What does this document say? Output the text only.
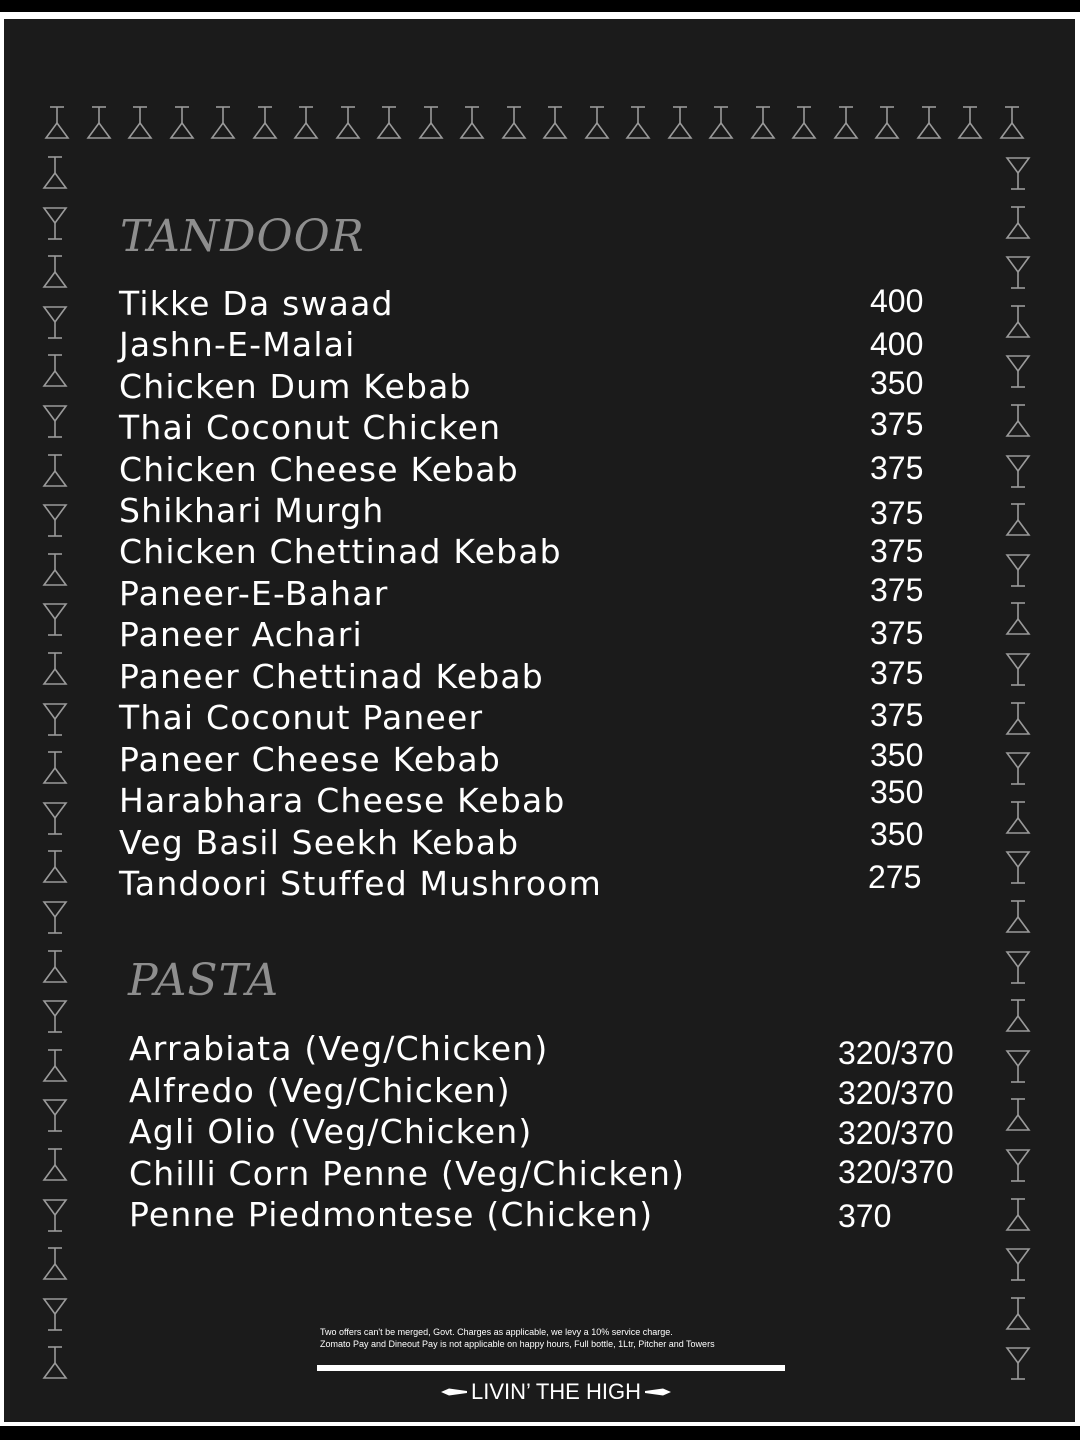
TANDOOR
Tikke Da swaad	400
Jashn-E-Malai	400
Chicken Dum Kebab	350
Thai Coconut Chicken	375
Chicken Cheese Kebab	375
Shikhari Murgh	375
Chicken Chettinad Kebab	375
Paneer-E-Bahar	375
Paneer Achari	375
Paneer Chettinad Kebab	375
Thai Coconut Paneer	375
Paneer Cheese Kebab	350
Harabhara Cheese Kebab	350
Veg Basil Seekh Kebab	350
Tandoori Stuffed Mushroom	275
PASTA
Arrabiata (Veg/Chicken)	320/370
Alfredo (Veg/Chicken)	320/370
Agli Olio (Veg/Chicken)	320/370
Chilli Corn Penne (Veg/Chicken)	320/370
Penne Piedmontese (Chicken)	370
Two offers can't be merged, Govt. Charges as applicable, we levy a 10% service charge.
Zomato Pay and Dineout Pay is not applicable on happy hours, Full bottle, 1Ltr, Pitcher and Towers
LIVIN’ THE HIGH
